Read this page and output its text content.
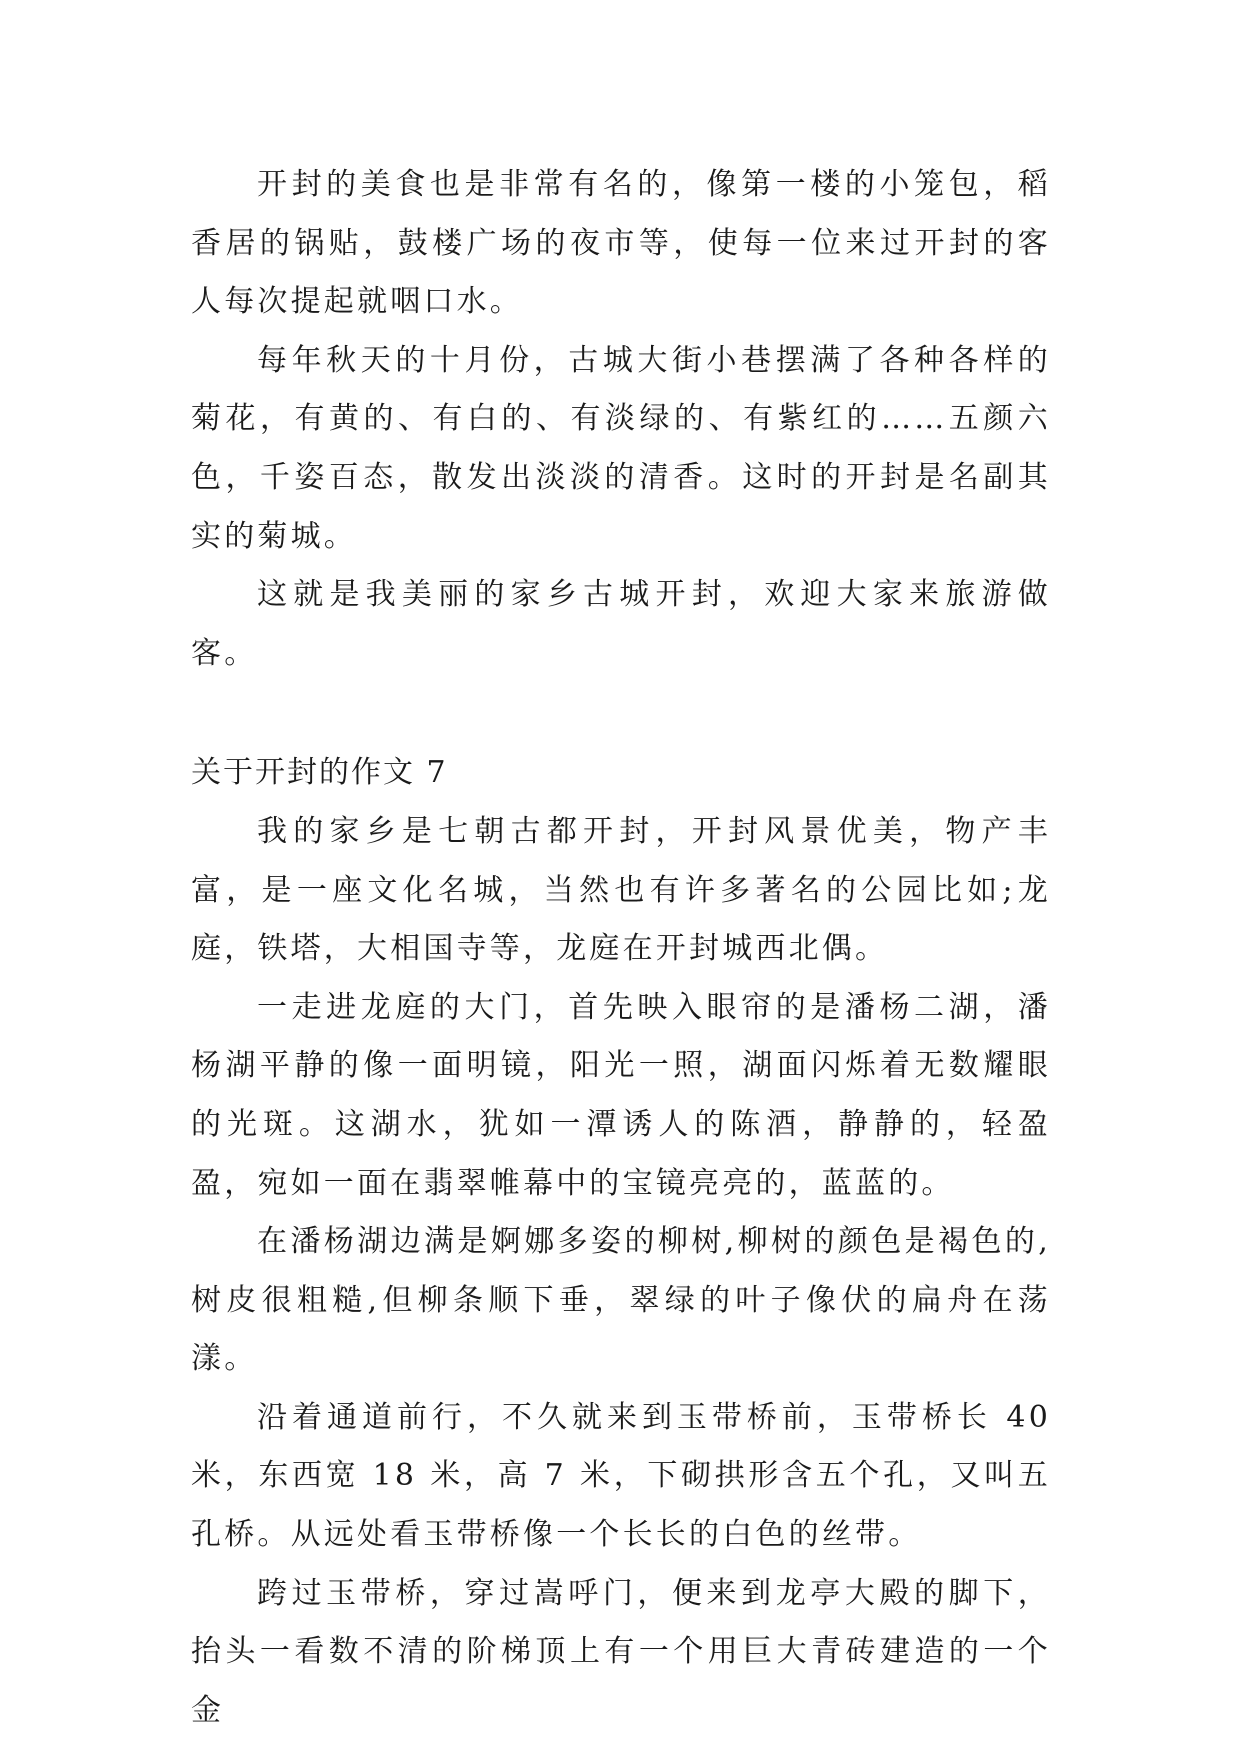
开封的美食也是非常有名的，像第一楼的小笼包，稻香居的锅贴，鼓楼广场的夜市等，使每一位来过开封的客人每次提起就咽口水。

每年秋天的十月份，古城大街小巷摆满了各种各样的菊花，有黄的、有白的、有淡绿的、有紫红的……五颜六色，千姿百态，散发出淡淡的清香。这时的开封是名副其实的菊城。

这就是我美丽的家乡古城开封，欢迎大家来旅游做客。

关于开封的作文 7

我的家乡是七朝古都开封，开封风景优美，物产丰富，是一座文化名城，当然也有许多著名的公园比如;龙庭，铁塔，大相国寺等，龙庭在开封城西北偶。

一走进龙庭的大门，首先映入眼帘的是潘杨二湖，潘杨湖平静的像一面明镜，阳光一照，湖面闪烁着无数耀眼的光斑。这湖水，犹如一潭诱人的陈酒，静静的，轻盈盈，宛如一面在翡翠帷幕中的宝镜亮亮的，蓝蓝的。

在潘杨湖边满是婀娜多姿的柳树,柳树的颜色是褐色的,树皮很粗糙,但柳条顺下垂，翠绿的叶子像伏的扁舟在荡漾。

沿着通道前行，不久就来到玉带桥前，玉带桥长 40 米，东西宽 18 米，高 7 米，下砌拱形含五个孔，又叫五孔桥。从远处看玉带桥像一个长长的白色的丝带。

跨过玉带桥，穿过嵩呼门，便来到龙亭大殿的脚下，抬头一看数不清的阶梯顶上有一个用巨大青砖建造的一个金
